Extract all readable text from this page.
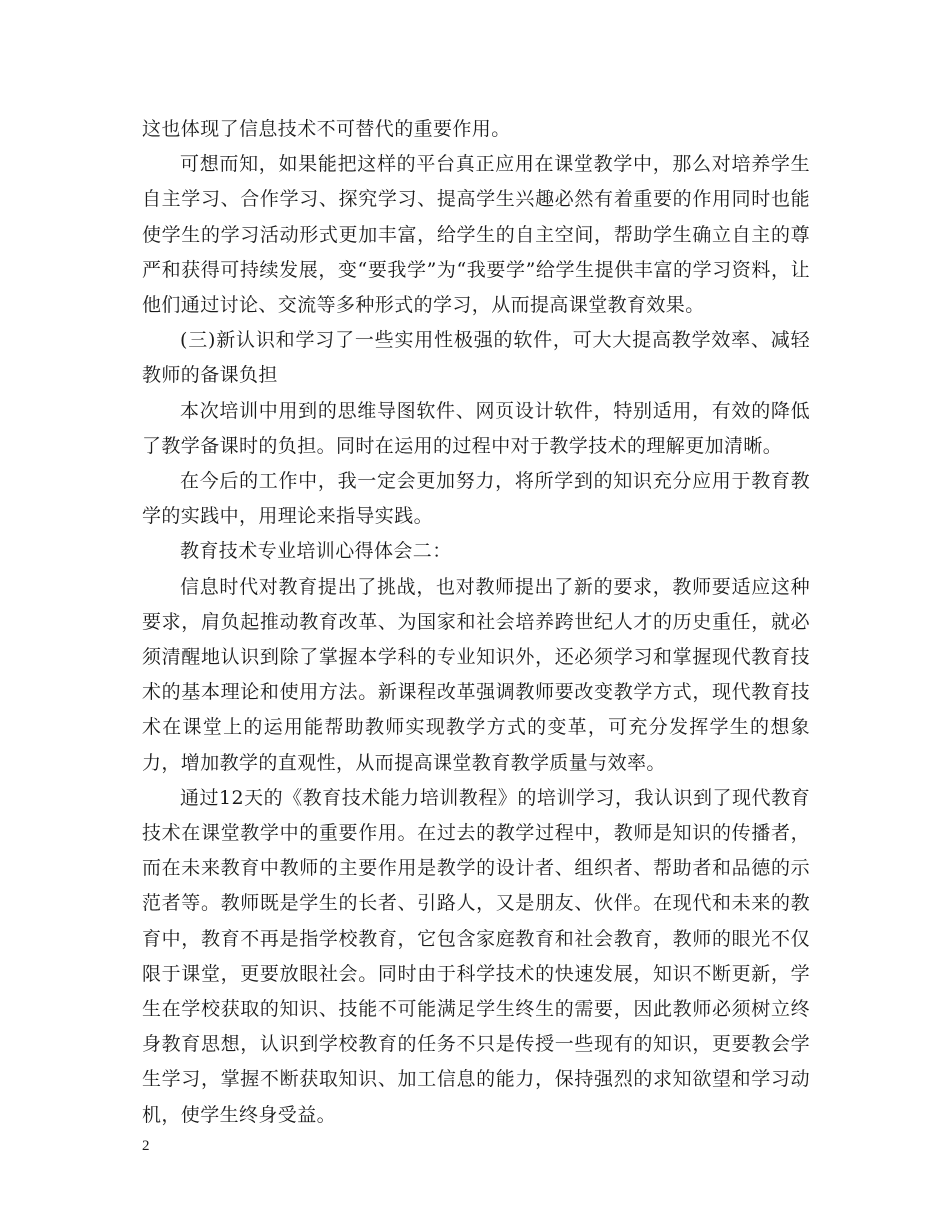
这也体现了信息技术不可替代的重要作用。

可想而知，如果能把这样的平台真正应用在课堂教学中，那么对培养学生自主学习、合作学习、探究学习、提高学生兴趣必然有着重要的作用同时也能使学生的学习活动形式更加丰富，给学生的自主空间，帮助学生确立自主的尊严和获得可持续发展，变“要我学”为“我要学”给学生提供丰富的学习资料，让他们通过讨论、交流等多种形式的学习，从而提高课堂教育效果。

(三)新认识和学习了一些实用性极强的软件，可大大提高教学效率、减轻教师的备课负担

本次培训中用到的思维导图软件、网页设计软件，特别适用，有效的降低了教学备课时的负担。同时在运用的过程中对于教学技术的理解更加清晰。

在今后的工作中，我一定会更加努力，将所学到的知识充分应用于教育教学的实践中，用理论来指导实践。

教育技术专业培训心得体会二：

信息时代对教育提出了挑战，也对教师提出了新的要求，教师要适应这种要求，肩负起推动教育改革、为国家和社会培养跨世纪人才的历史重任，就必须清醒地认识到除了掌握本学科的专业知识外，还必须学习和掌握现代教育技术的基本理论和使用方法。新课程改革强调教师要改变教学方式，现代教育技术在课堂上的运用能帮助教师实现教学方式的变革，可充分发挥学生的想象力，增加教学的直观性，从而提高课堂教育教学质量与效率。

通过12天的《教育技术能力培训教程》的培训学习，我认识到了现代教育技术在课堂教学中的重要作用。在过去的教学过程中，教师是知识的传播者，而在未来教育中教师的主要作用是教学的设计者、组织者、帮助者和品德的示范者等。教师既是学生的长者、引路人，又是朋友、伙伴。在现代和未来的教育中，教育不再是指学校教育，它包含家庭教育和社会教育，教师的眼光不仅限于课堂，更要放眼社会。同时由于科学技术的快速发展，知识不断更新，学生在学校获取的知识、技能不可能满足学生终生的需要，因此教师必须树立终身教育思想，认识到学校教育的任务不只是传授一些现有的知识，更要教会学生学习，掌握不断获取知识、加工信息的能力，保持强烈的求知欲望和学习动机，使学生终身受益。

2
